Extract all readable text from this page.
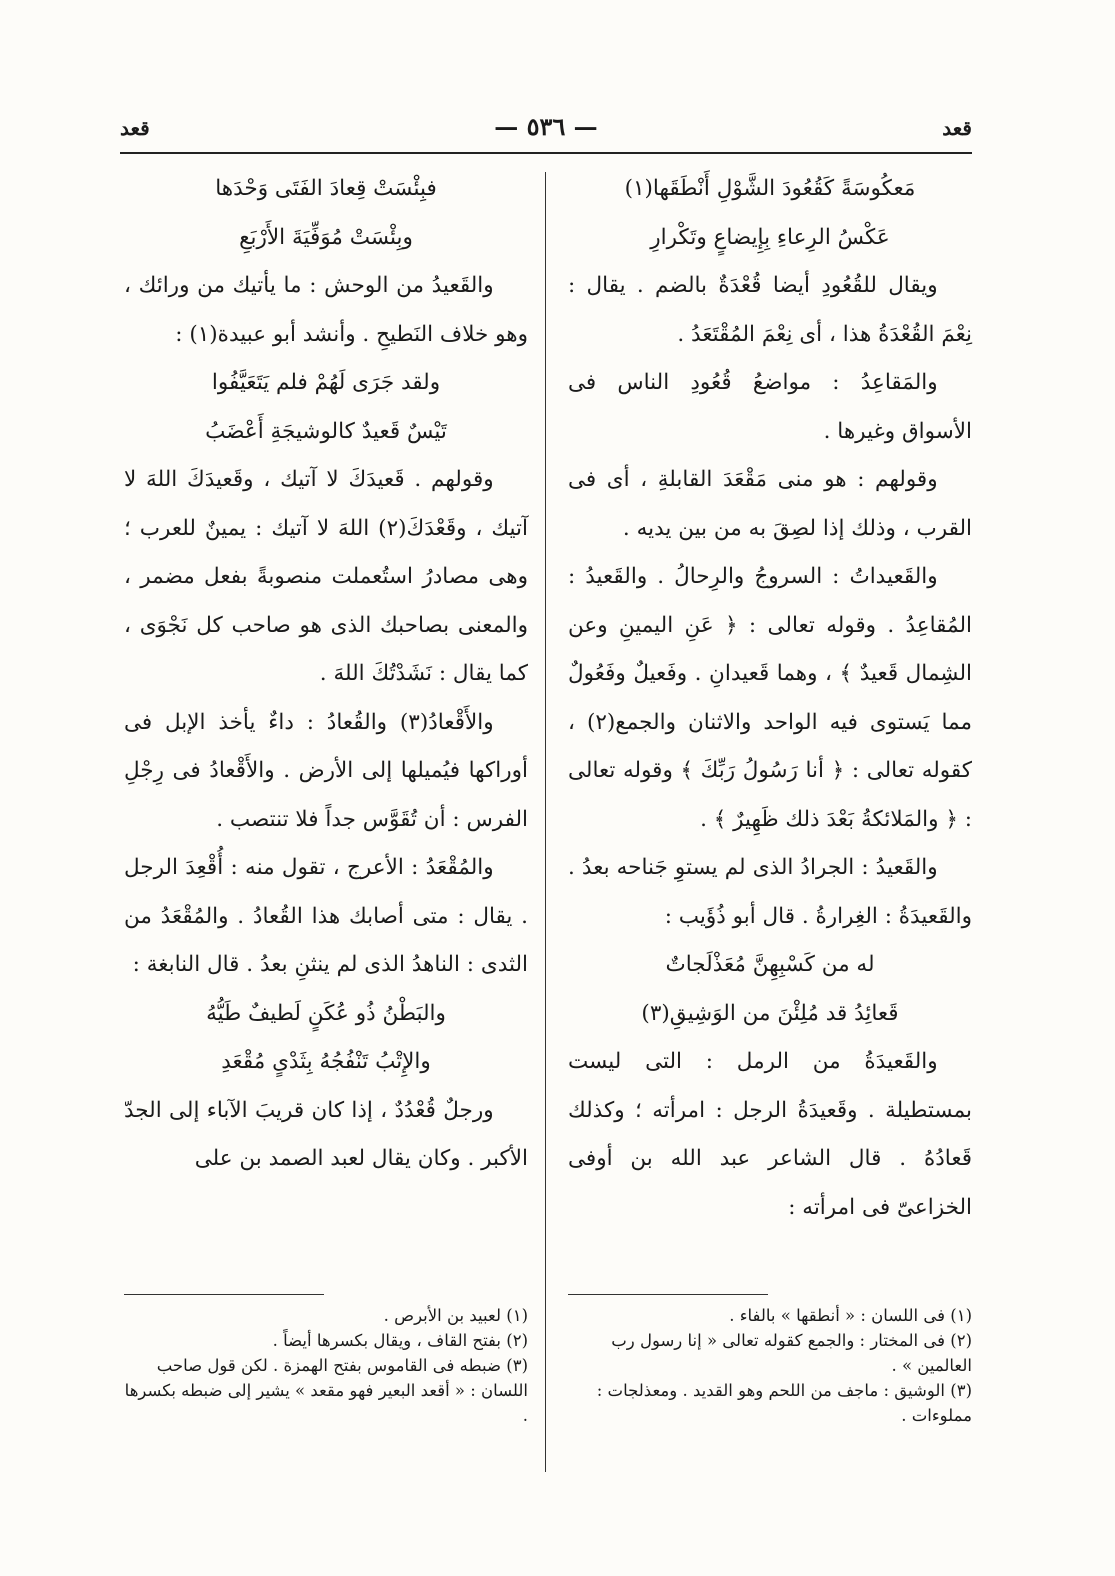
قعد
— ٥٣٦ —
قعد

مَعكُوسَةً كَقُعُودَ الشَّوْلِ أَنْطَقَها(١)

عَكْسُ الرِعاءِ بِإِيضاعٍ وتَكْرارِ

ويقال للقُعُودِ أيضا قُعْدَةٌ بالضم . يقال : نِعْمَ القُعْدَةُ هذا ، أى نِعْمَ المُقْتَعَدُ .

والمَقاعِدُ : مواضعُ قُعُودِ الناس فى الأسواق وغيرها .

وقولهم : هو منى مَقْعَدَ القابلةِ ، أى فى القرب ، وذلك إذا لصِقَ به من بين يديه .

والقَعيداتُ : السروجُ والرِحالُ . والقَعيدُ : المُقاعِدُ . وقوله تعالى : ﴿ عَنِ اليمينِ وعن الشِمال قَعيدٌ ﴾ ، وهما قَعيدانِ . وفَعيلٌ وفَعُولٌ مما يَستوى فيه الواحد والاثنان والجمع(٢) ، كقوله تعالى : ﴿ أنا رَسُولُ رَبِّكَ ﴾ وقوله تعالى : ﴿ والمَلائكةُ بَعْدَ ذلك ظَهِيرٌ ﴾ .

والقَعيدُ : الجرادُ الذى لم يستوِ جَناحه بعدُ . والقَعيدَةُ : الغِرارةُ . قال أبو ذُؤَيب :

له من كَسْبِهِنَّ مُعَذْلَجاتٌ

قَعائِدُ قد مُلِئْنَ من الوَشِيقِ(٣)

والقَعيدَةُ من الرمل : التى ليست بمستطيلة . وقَعيدَةُ الرجل : امرأته ؛ وكذلك قَعادُهُ . قال الشاعر عبد الله بن أوفى الخزاعىّ فى امرأته :

فبِئْسَتْ قِعادَ الفَتَى وَحْدَها

وبِئْسَتْ مُوَفِّيَةَ الأَرْبَعِ

والقَعيدُ من الوحش : ما يأتيك من ورائك ، وهو خلاف النَطيحِ . وأنشد أبو عبيدة(١) :

ولقد جَرَى لَهُمْ فلم يَتَعَيَّفُوا

تَيْسٌ قَعيدٌ كالوشيجَةِ أَعْضَبُ

وقولهم . قَعيدَكَ لا آتيك ، وقَعيدَكَ اللهَ لا آتيك ، وقَعْدَكَ(٢) اللهَ لا آتيك : يمينٌ للعرب ؛ وهى مصادرُ استُعملت منصوبةً بفعل مضمر ، والمعنى بصاحبك الذى هو صاحب كل نَجْوَى ، كما يقال : نَشَدْتُكَ اللهَ .

والأَقْعادُ(٣) والقُعادُ : داءٌ يأخذ الإبل فى أوراكها فيُميلها إلى الأرض . والأَقْعادُ فى رِجْلِ الفرس : أن تُقَوَّس جداً فلا تنتصب .

والمُقْعَدُ : الأعرج ، تقول منه : أُقْعِدَ الرجل . يقال : متى أصابك هذا القُعادُ . والمُقْعَدُ من الثدى : الناهدُ الذى لم ينثنِ بعدُ . قال النابغة :

والبَطْنُ ذُو عُكَنٍ لَطيفٌ طَيُّهُ

والإِتْبُ تَنْفُجُهُ بِثَدْىٍ مُقْعَدِ

ورجلٌ قُعْدُدٌ ، إذا كان قريبَ الآباء إلى الجدّ الأكبر . وكان يقال لعبد الصمد بن على

(١) فى اللسان : « أنطقها » بالفاء .

(٢) فى المختار : والجمع كقوله تعالى « إنا رسول رب العالمين » .

(٣) الوشيق : ماجف من اللحم وهو القديد . ومعذلجات : مملوءات .

(١) لعبيد بن الأبرص .

(٢) بفتح القاف ، ويقال بكسرها أيضاً .

(٣) ضبطه فى القاموس بفتح الهمزة . لكن قول صاحب اللسان : « أقعد البعير فهو مقعد » يشير إلى ضبطه بكسرها .
